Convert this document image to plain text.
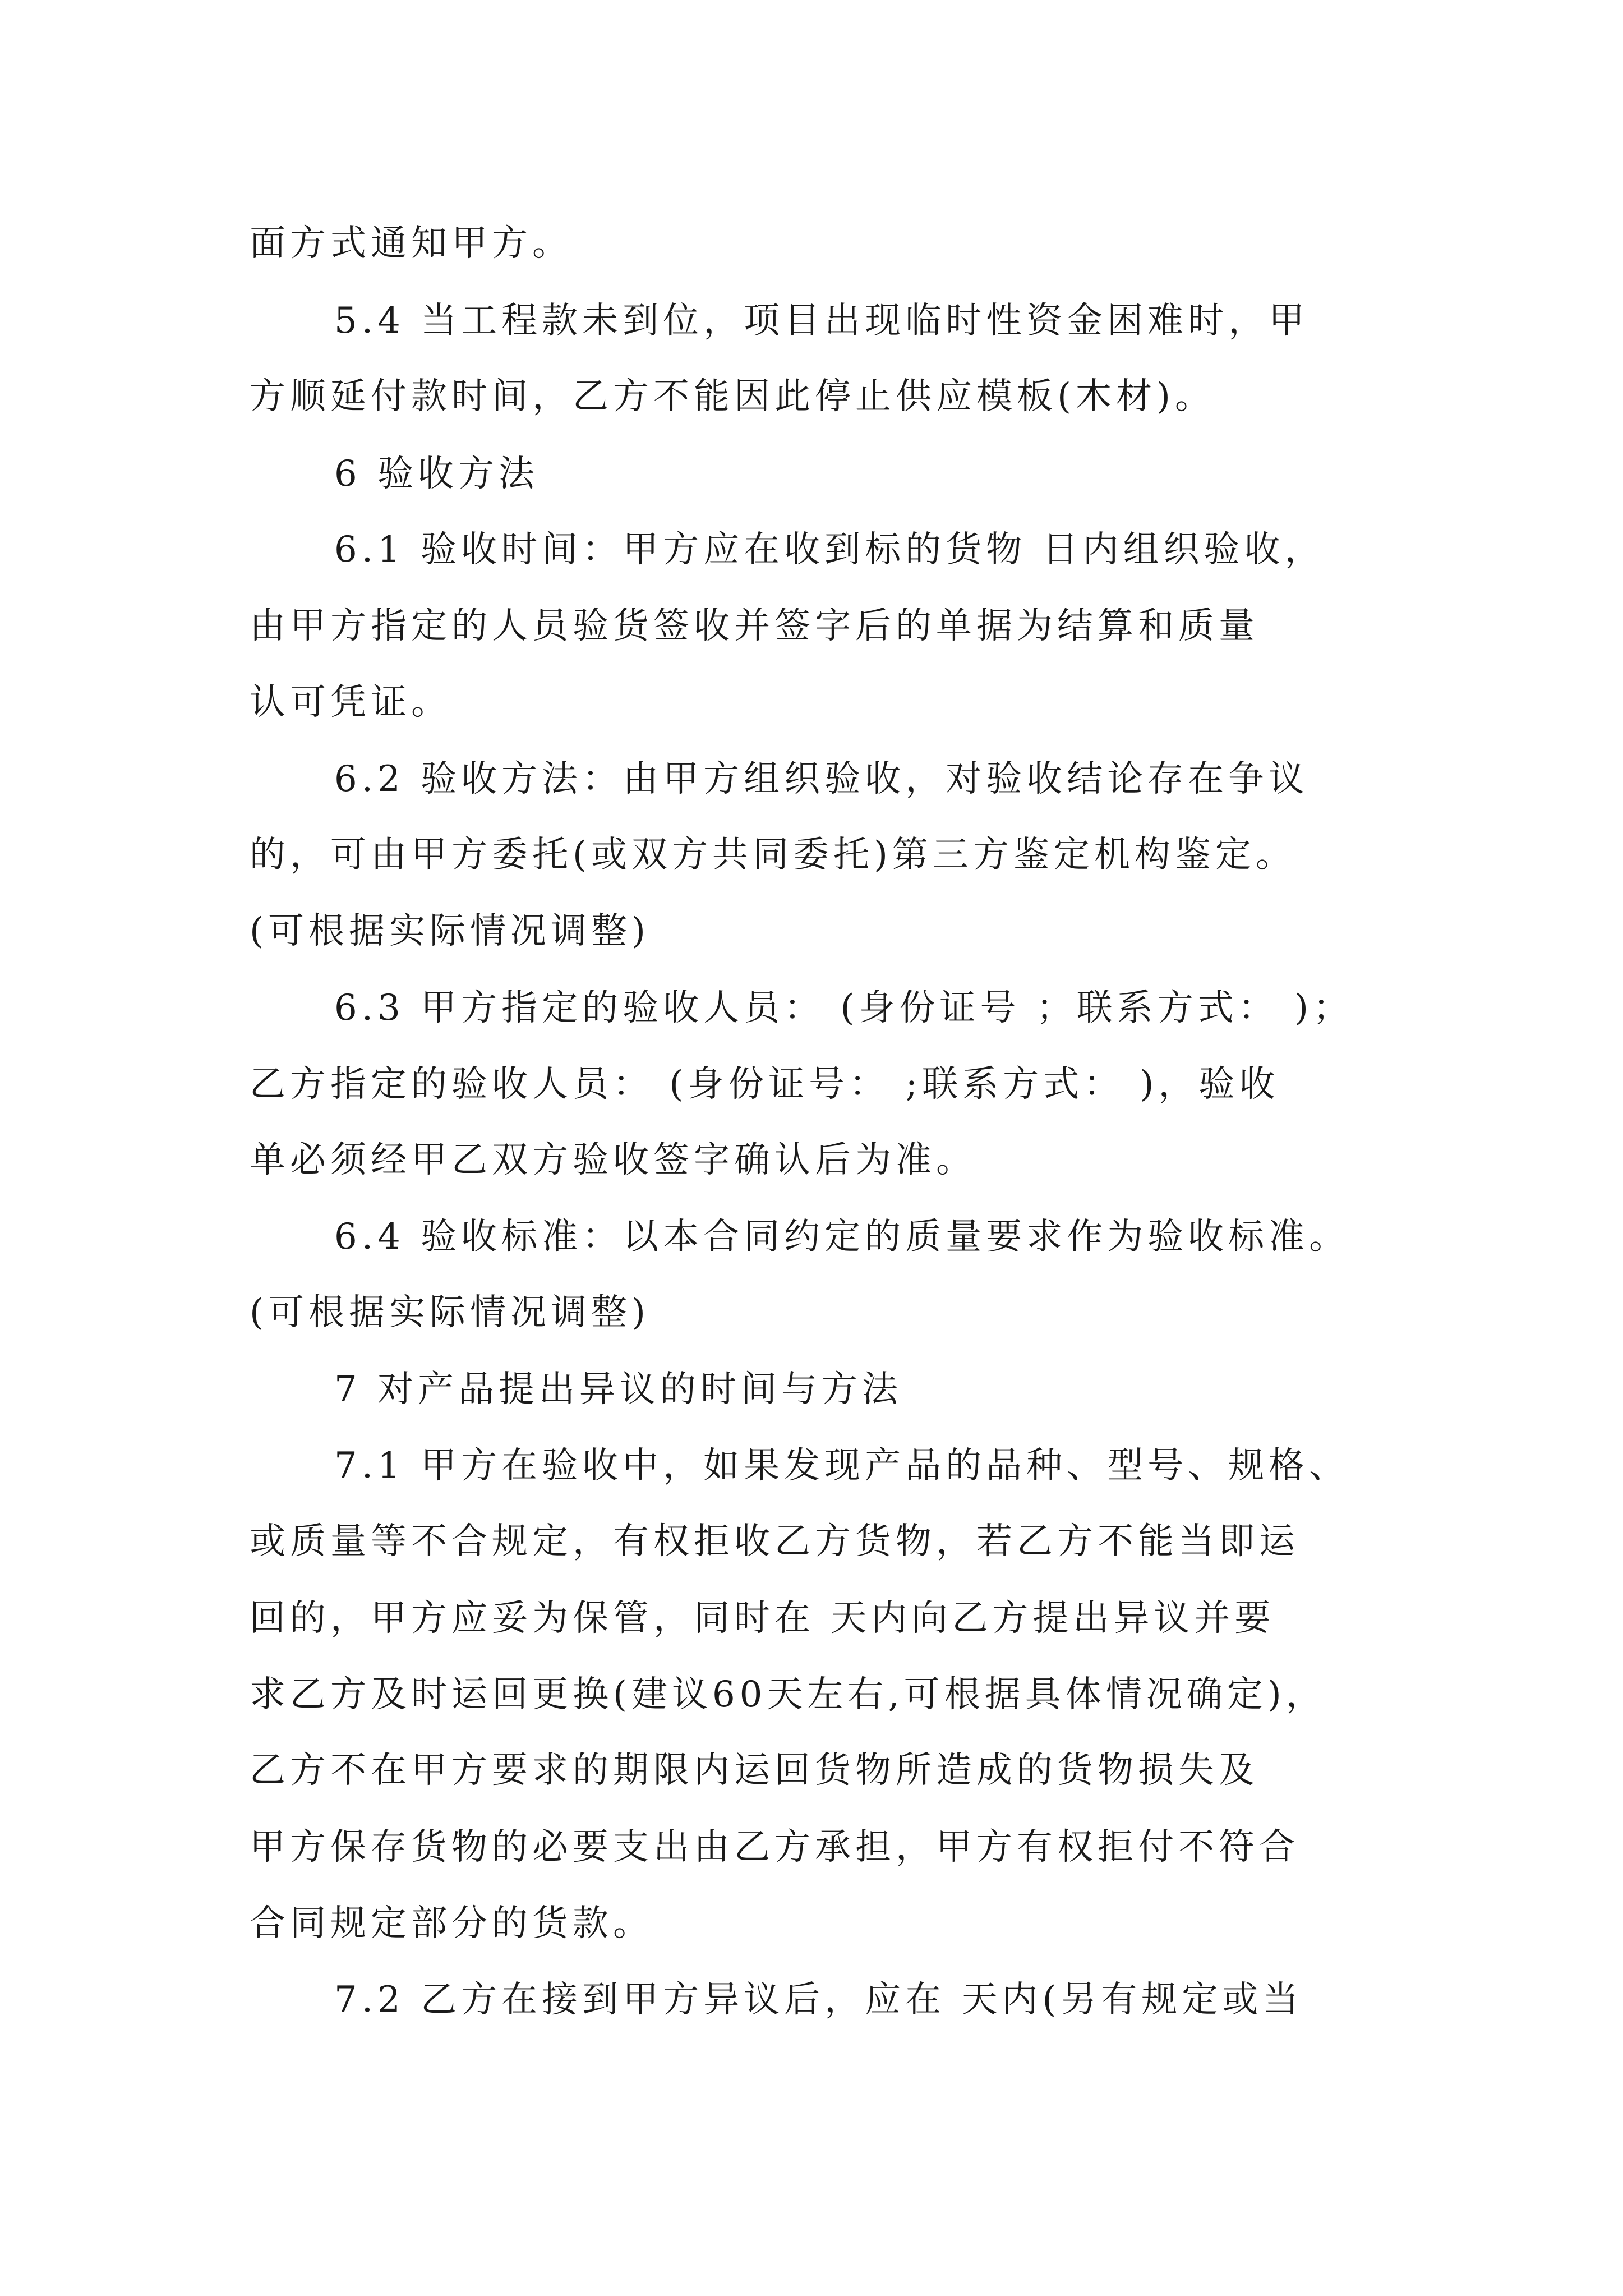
面方式通知甲方。
5.4 当工程款未到位，项目出现临时性资金困难时，甲
方顺延付款时间，乙方不能因此停止供应模板(木材)。
6 验收方法
6.1 验收时间：甲方应在收到标的货物 日内组织验收，
由甲方指定的人员验货签收并签字后的单据为结算和质量
认可凭证。
6.2 验收方法：由甲方组织验收，对验收结论存在争议
的，可由甲方委托(或双方共同委托)第三方鉴定机构鉴定。
(可根据实际情况调整)
6.3 甲方指定的验收人员： (身份证号 ；联系方式： )；
乙方指定的验收人员： (身份证号： ;联系方式： )，验收
单必须经甲乙双方验收签字确认后为准。
6.4 验收标准：以本合同约定的质量要求作为验收标准。
(可根据实际情况调整)
7 对产品提出异议的时间与方法
7.1 甲方在验收中，如果发现产品的品种、型号、规格、
或质量等不合规定，有权拒收乙方货物，若乙方不能当即运
回的，甲方应妥为保管，同时在 天内向乙方提出异议并要
求乙方及时运回更换(建议60天左右,可根据具体情况确定)，
乙方不在甲方要求的期限内运回货物所造成的货物损失及
甲方保存货物的必要支出由乙方承担，甲方有权拒付不符合
合同规定部分的货款。
7.2 乙方在接到甲方异议后，应在 天内(另有规定或当
